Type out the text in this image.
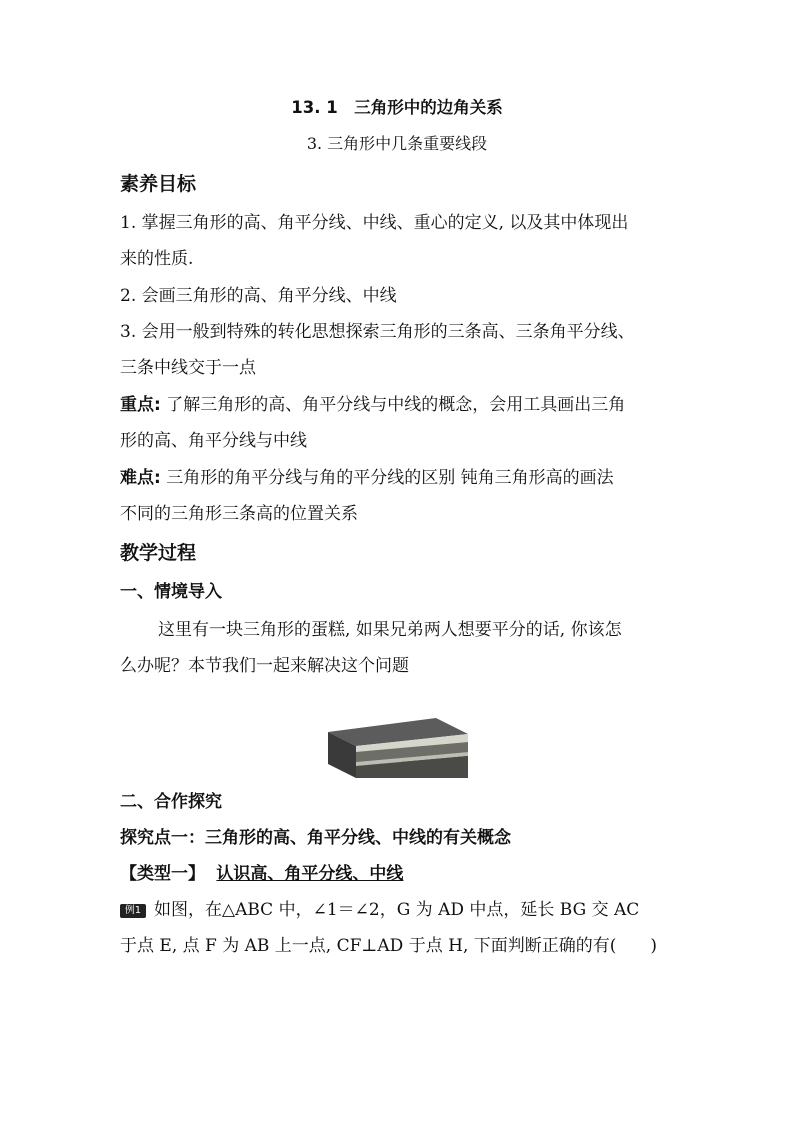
13. 1　三角形中的边角关系
3. 三角形中几条重要线段
素养目标
1. 掌握三角形的高、角平分线、中线、重心的定义, 以及其中体现出
来的性质.
2. 会画三角形的高、角平分线、中线
3. 会用一般到特殊的转化思想探索三角形的三条高、三条角平分线、
三条中线交于一点
重点: 了解三角形的高、角平分线与中线的概念，会用工具画出三角
形的高、角平分线与中线
难点: 三角形的角平分线与角的平分线的区别 钝角三角形高的画法
不同的三角形三条高的位置关系
教学过程
一、情境导入
这里有一块三角形的蛋糕, 如果兄弟两人想要平分的话, 你该怎
么办呢？本节我们一起来解决这个问题
二、合作探究
探究点一：三角形的高、角平分线、中线的有关概念
【类型一】 认识高、角平分线、中线
例1 如图，在△ABC 中，∠1＝∠2，G 为 AD 中点，延长 BG 交 AC
于点 E, 点 F 为 AB 上一点, CF⊥AD 于点 H, 下面判断正确的有(　　)
